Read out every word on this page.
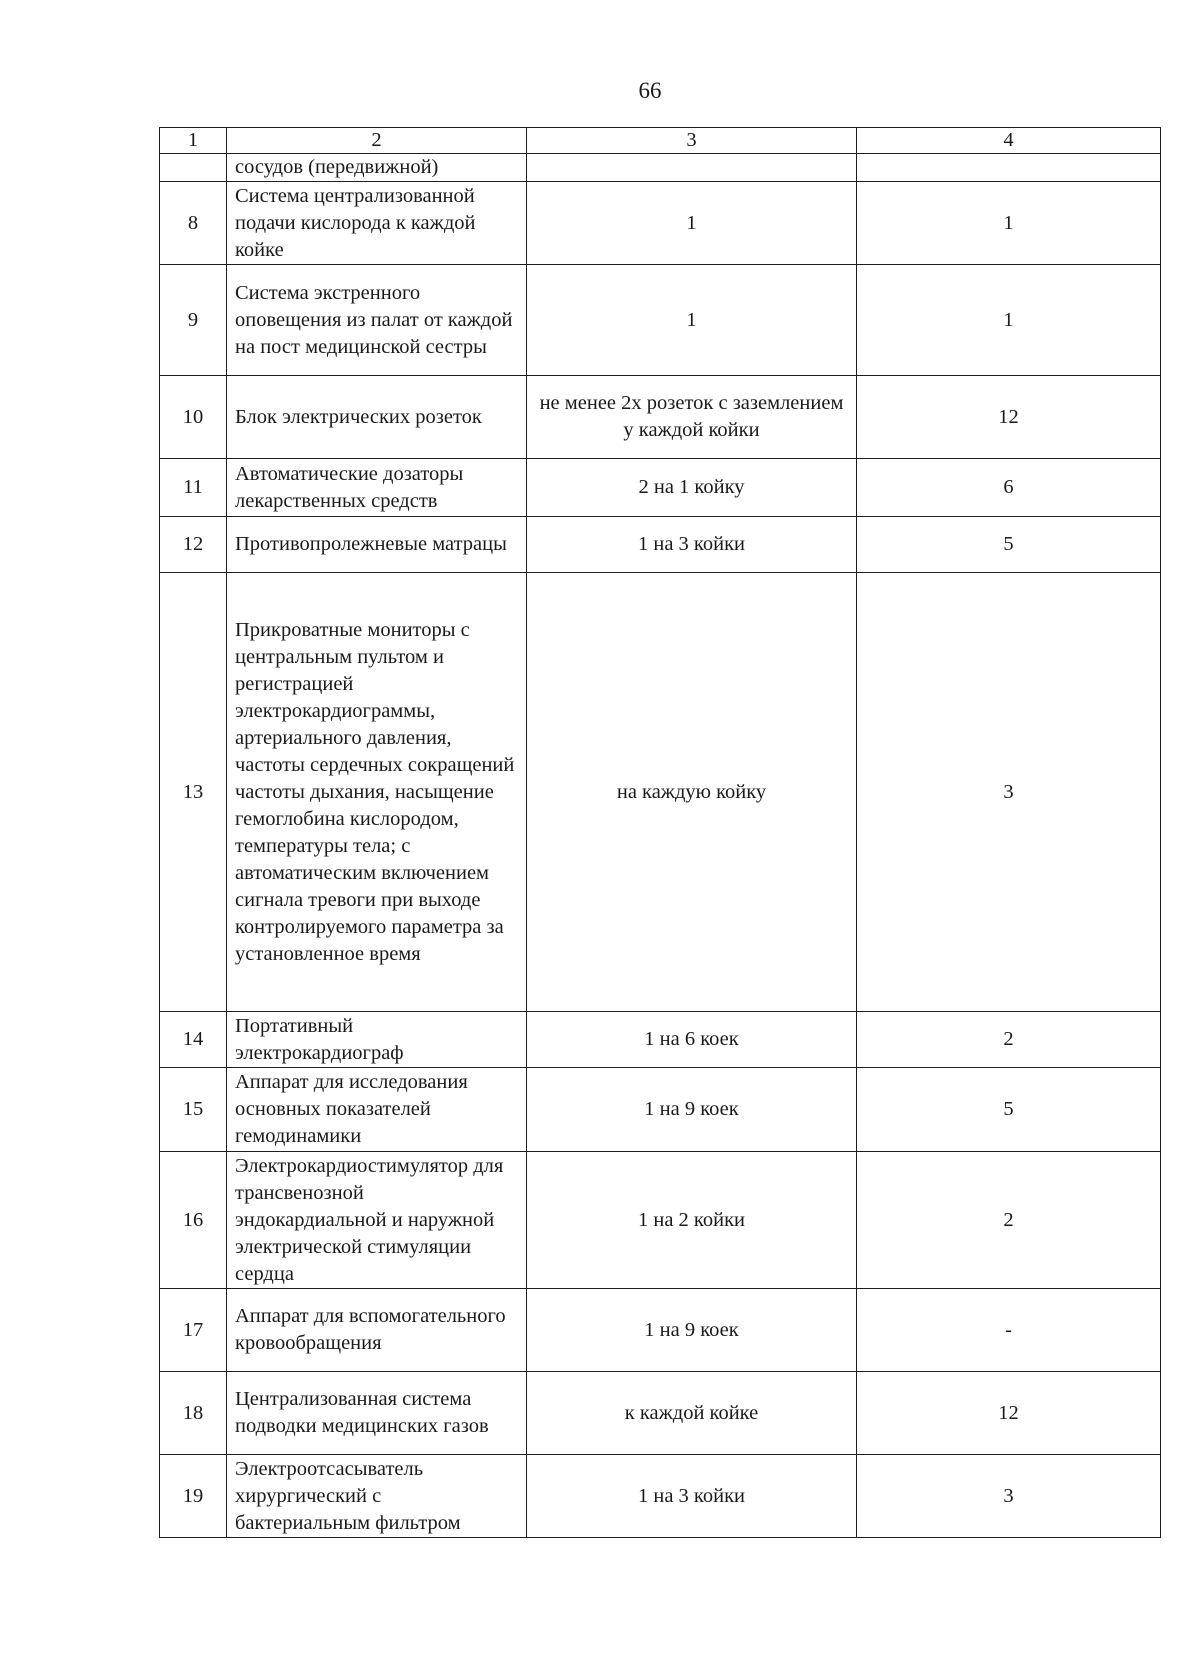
66
1	2	3	4
	сосудов (передвижной)		
8	Система централизованной подачи кислорода к каждой койке	1	1
9	Система экстренного оповещения из палат от каждой на пост медицинской сестры	1	1
10	Блок электрических розеток	не менее 2х розеток с заземлением у каждой койки	12
11	Автоматические дозаторы лекарственных средств	2 на 1 койку	6
12	Противопролежневые матрацы	1 на 3 койки	5
13	Прикроватные мониторы с центральным пультом и регистрацией электрокардиограммы, артериального давления, частоты сердечных сокращений частоты дыхания, насыщение гемоглобина кислородом, температуры тела; с автоматическим включением сигнала тревоги при выходе контролируемого параметра за установленное время	на каждую койку	3
14	Портативный электрокардиограф	1 на 6 коек	2
15	Аппарат для исследования основных показателей гемодинамики	1 на 9 коек	5
16	Электрокардиостимулятор для трансвенозной эндокардиальной и наружной электрической стимуляции сердца	1 на 2 койки	2
17	Аппарат для вспомогательного кровообращения	1 на 9 коек	-
18	Централизованная система подводки медицинских газов	к каждой койке	12
19	Электроотсасыватель хирургический с бактериальным фильтром	1 на 3 койки	3
